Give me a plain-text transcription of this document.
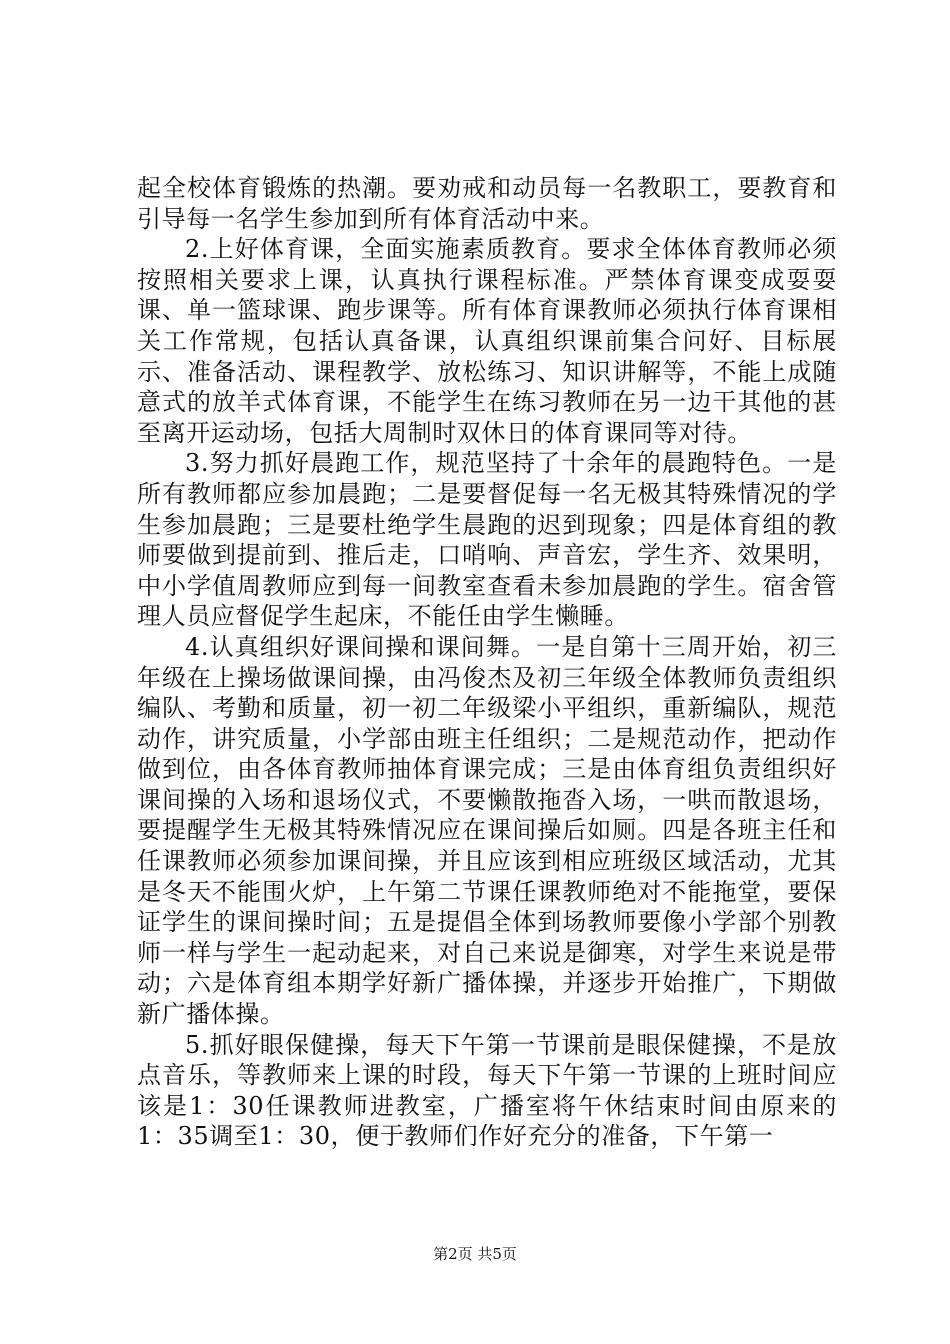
起全校体育锻炼的热潮。要劝戒和动员每一名教职工，要教育和引导每一名学生参加到所有体育活动中来。

2.上好体育课，全面实施素质教育。要求全体体育教师必须按照相关要求上课，认真执行课程标准。严禁体育课变成耍耍课、单一篮球课、跑步课等。所有体育课教师必须执行体育课相关工作常规，包括认真备课，认真组织课前集合问好、目标展示、准备活动、课程教学、放松练习、知识讲解等，不能上成随意式的放羊式体育课，不能学生在练习教师在另一边干其他的甚至离开运动场，包括大周制时双休日的体育课同等对待。

3.努力抓好晨跑工作，规范坚持了十余年的晨跑特色。一是所有教师都应参加晨跑；二是要督促每一名无极其特殊情况的学生参加晨跑；三是要杜绝学生晨跑的迟到现象；四是体育组的教师要做到提前到、推后走，口哨响、声音宏，学生齐、效果明，中小学值周教师应到每一间教室查看未参加晨跑的学生。宿舍管理人员应督促学生起床，不能任由学生懒睡。

4.认真组织好课间操和课间舞。一是自第十三周开始，初三年级在上操场做课间操，由冯俊杰及初三年级全体教师负责组织编队、考勤和质量，初一初二年级梁小平组织，重新编队，规范动作，讲究质量，小学部由班主任组织；二是规范动作，把动作做到位，由各体育教师抽体育课完成；三是由体育组负责组织好课间操的入场和退场仪式，不要懒散拖沓入场，一哄而散退场，要提醒学生无极其特殊情况应在课间操后如厕。四是各班主任和任课教师必须参加课间操，并且应该到相应班级区域活动，尤其是冬天不能围火炉，上午第二节课任课教师绝对不能拖堂，要保证学生的课间操时间；五是提倡全体到场教师要像小学部个别教师一样与学生一起动起来，对自己来说是御寒，对学生来说是带动；六是体育组本期学好新广播体操，并逐步开始推广，下期做新广播体操。

5.抓好眼保健操，每天下午第一节课前是眼保健操，不是放点音乐，等教师来上课的时段，每天下午第一节课的上班时间应该是1：30任课教师进教室，广播室将午休结束时间由原来的1：35调至1：30，便于教师们作好充分的准备，下午第一

第2页 共5页
